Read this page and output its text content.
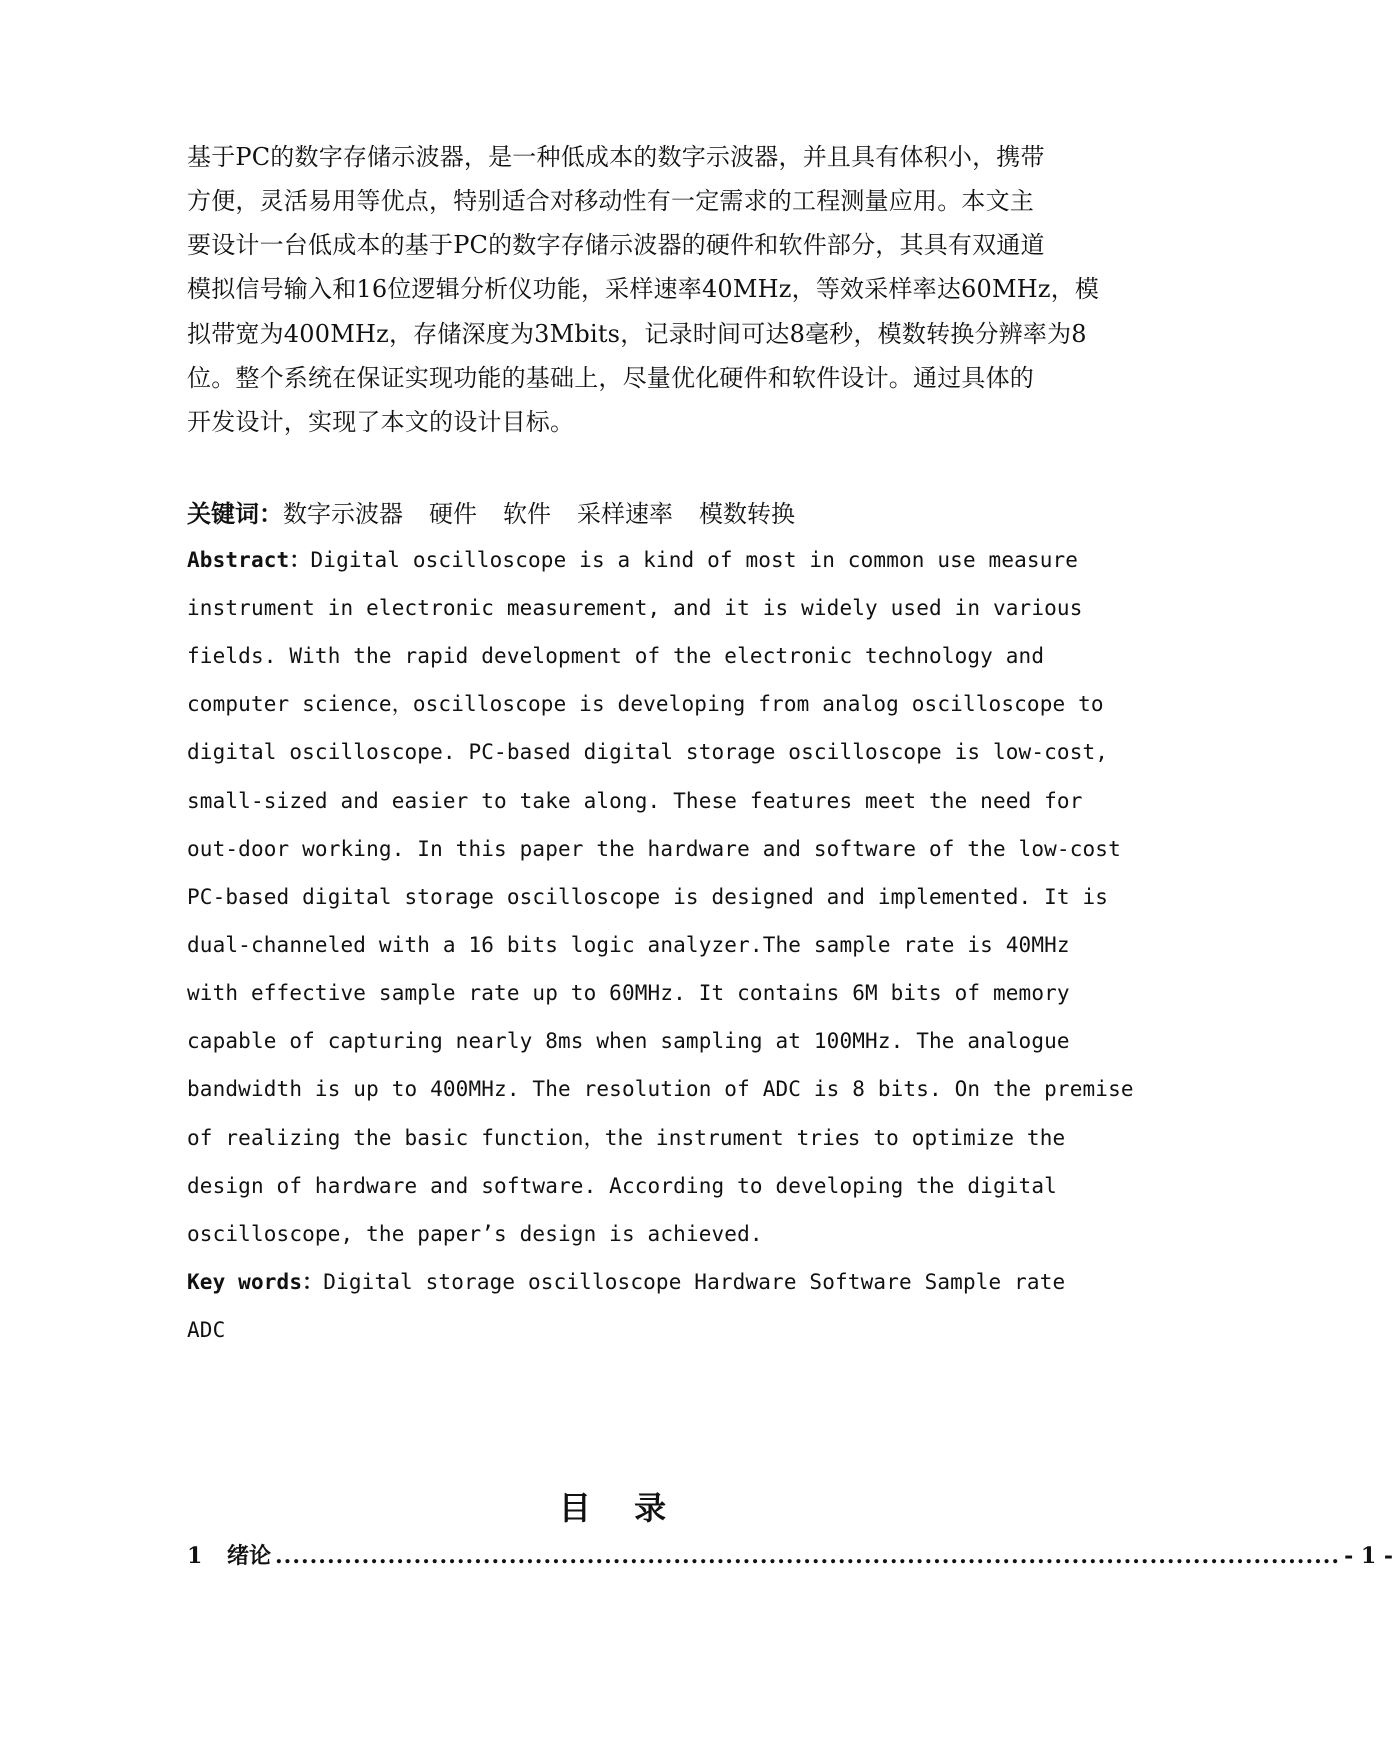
基于PC的数字存储示波器，是一种低成本的数字示波器，并且具有体积小，携带
方便，灵活易用等优点，特别适合对移动性有一定需求的工程测量应用。本文主
要设计一台低成本的基于PC的数字存储示波器的硬件和软件部分，其具有双通道
模拟信号输入和16位逻辑分析仪功能，采样速率40MHz，等效采样率达60MHz，模
拟带宽为400MHz，存储深度为3Mbits，记录时间可达8毫秒，模数转换分辨率为8
位。整个系统在保证实现功能的基础上，尽量优化硬件和软件设计。通过具体的
开发设计，实现了本文的设计目标。
关键词：数字示波器 硬件 软件 采样速率 模数转换
Abstract：Digital oscilloscope is a kind of most in common use measure
instrument in electronic measurement, and it is widely used in various
fields. With the rapid development of the electronic technology and
computer science，oscilloscope is developing from analog oscilloscope to
digital oscilloscope. PC-based digital storage oscilloscope is low-cost,
small-sized and easier to take along. These features meet the need for
out-door working. In this paper the hardware and software of the low-cost
PC-based digital storage oscilloscope is designed and implemented. It is
dual-channeled with a 16 bits logic analyzer.The sample rate is 40MHz
with effective sample rate up to 60MHz. It contains 6M bits of memory
capable of capturing nearly 8ms when sampling at 100MHz. The analogue
bandwidth is up to 400MHz. The resolution of ADC is 8 bits. On the premise
of realizing the basic function，the instrument tries to optimize the
design of hardware and software. According to developing the digital
oscilloscope, the paper’s design is achieved.
Key words：Digital storage oscilloscope Hardware Software Sample rate
ADC
目 录
1	绪论 ........................................................................................................................... - 1 -
